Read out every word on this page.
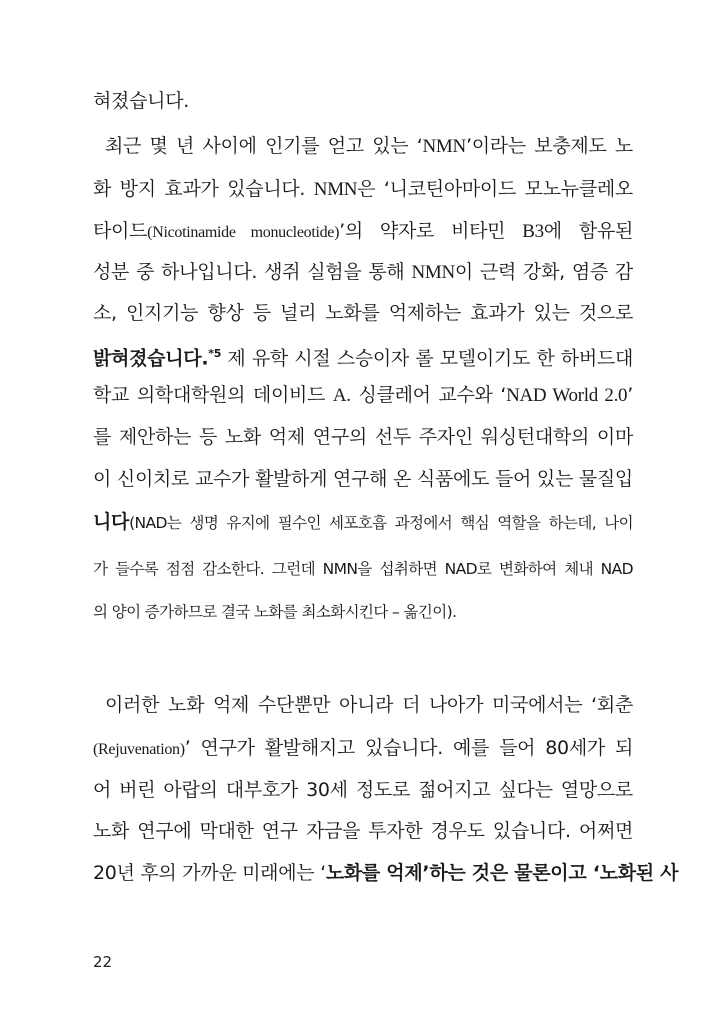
혀졌습니다.
최근 몇 년 사이에 인기를 얻고 있는 ‘NMN’이라는 보충제도 노
화 방지 효과가 있습니다. NMN은 ‘니코틴아마이드 모노뉴클레오
타이드(Nicotinamide monucleotide)’의 약자로 비타민 B3에 함유된
성분 중 하나입니다. 생쥐 실험을 통해 NMN이 근력 강화, 염증 감
소, 인지기능 향상 등 널리 노화를 억제하는 효과가 있는 것으로
밝혀졌습니다.$^{*5}$ 제 유학 시절 스승이자 롤 모델이기도 한 하버드대
학교 의학대학원의 데이비드 A. 싱클레어 교수와 ‘NAD World 2.0’
를 제안하는 등 노화 억제 연구의 선두 주자인 워싱턴대학의 이마
이 신이치로 교수가 활발하게 연구해 온 식품에도 들어 있는 물질입
니다(NAD는 생명 유지에 필수인 세포호흡 과정에서 핵심 역할을 하는데, 나이
가 들수록 점점 감소한다. 그런데 NMN을 섭취하면 NAD로 변화하여 체내 NAD
의 양이 증가하므로 결국 노화를 최소화시킨다 – 옮긴이).
이러한 노화 억제 수단뿐만 아니라 더 나아가 미국에서는 ‘회춘
(Rejuvenation)’ 연구가 활발해지고 있습니다. 예를 들어 80세가 되
어 버린 아랍의 대부호가 30세 정도로 젊어지고 싶다는 열망으로
노화 연구에 막대한 연구 자금을 투자한 경우도 있습니다. 어쩌면
20년 후의 가까운 미래에는 ‘노화를 억제’하는 것은 물론이고 ‘노화된 사
22
